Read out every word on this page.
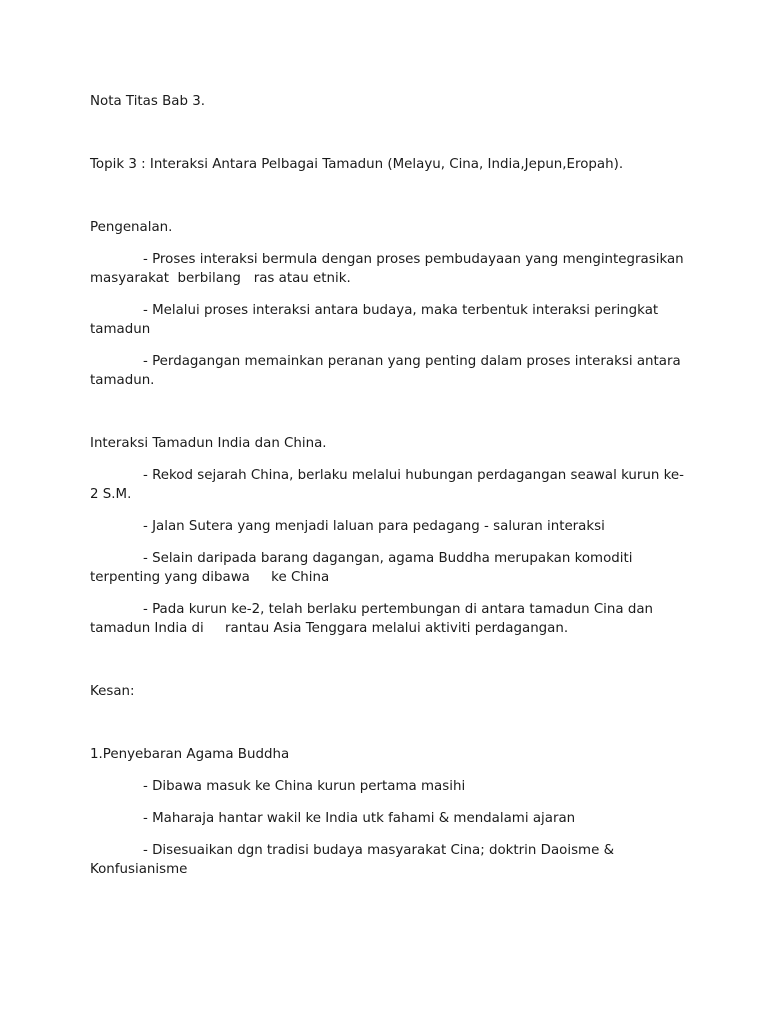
Nota Titas Bab 3.

Topik 3 : Interaksi Antara Pelbagai Tamadun (Melayu, Cina, India,Jepun,Eropah).

Pengenalan.

- Proses interaksi bermula dengan proses pembudayaan yang mengintegrasikan masyarakat  berbilang   ras atau etnik.

- Melalui proses interaksi antara budaya, maka terbentuk interaksi peringkat tamadun

- Perdagangan memainkan peranan yang penting dalam proses interaksi antara tamadun.

Interaksi Tamadun India dan China.

- Rekod sejarah China, berlaku melalui hubungan perdagangan seawal kurun ke-2 S.M.

- Jalan Sutera yang menjadi laluan para pedagang - saluran interaksi

- Selain daripada barang dagangan, agama Buddha merupakan komoditi terpenting yang dibawa     ke China

- Pada kurun ke-2, telah berlaku pertembungan di antara tamadun Cina dan tamadun India di     rantau Asia Tenggara melalui aktiviti perdagangan.

Kesan:

1.Penyebaran Agama Buddha

- Dibawa masuk ke China kurun pertama masihi

- Maharaja hantar wakil ke India utk fahami & mendalami ajaran

- Disesuaikan dgn tradisi budaya masyarakat Cina; doktrin Daoisme & Konfusianisme
